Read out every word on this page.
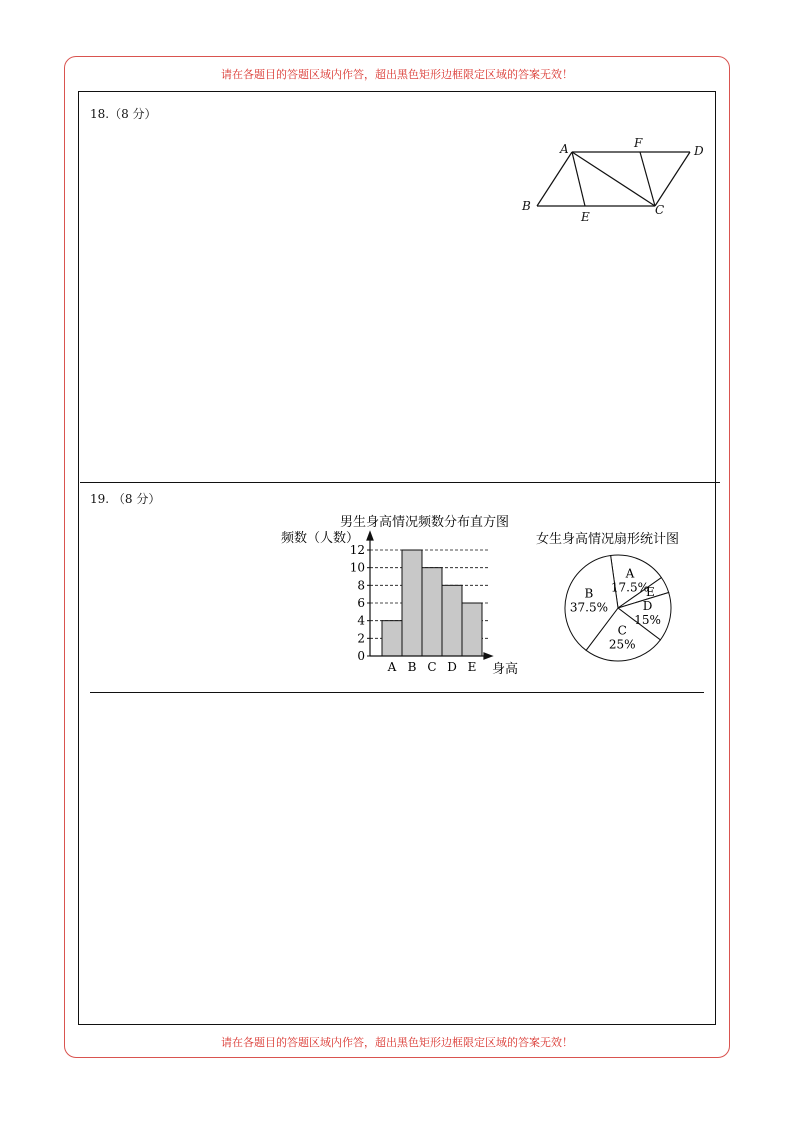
请在各题目的答题区域内作答，超出黑色矩形边框限定区域的答案无效！
请在各题目的答题区域内作答，超出黑色矩形边框限定区域的答案无效！
18.（8 分）
A	F
D
B
E	C
19. （8 分）
男生身高情况频数分布直方图
频数（人数）
身高
0
2
4
6
8
10
12
A B C D E
女生身高情况扇形统计图
A
17.5%
E
D
15%
C
25%
B
37.5%
